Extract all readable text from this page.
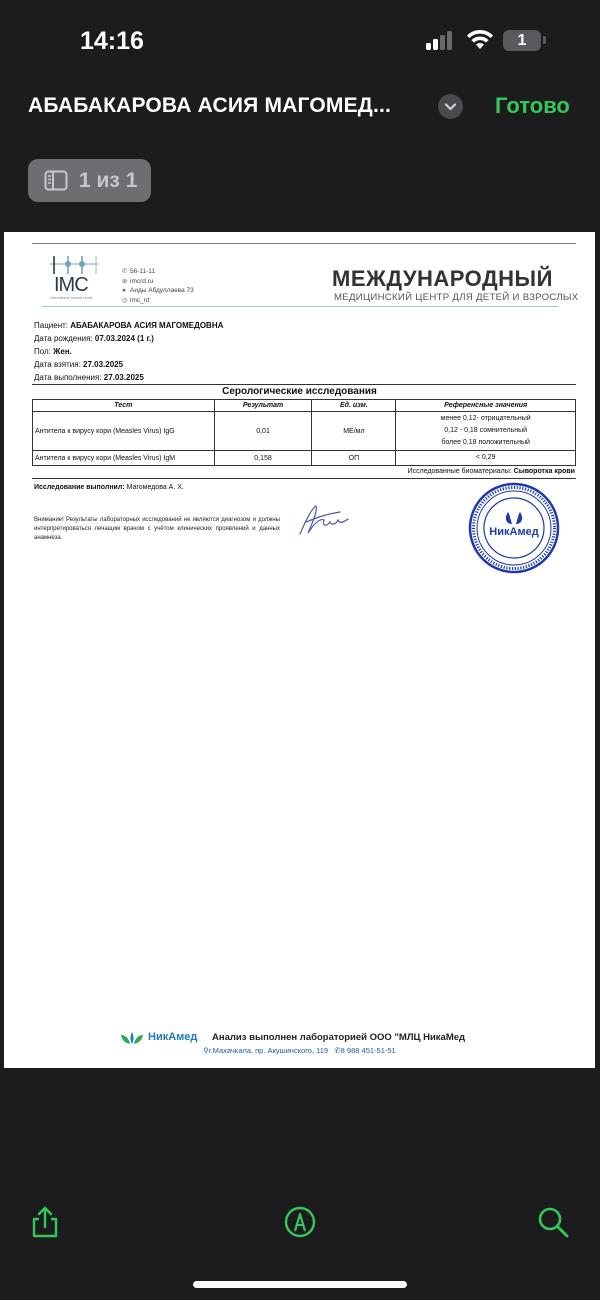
14:16	1
АБАБАКАРОВА АСИЯ МАГОМЕД...	Готово
1 из 1
IMC
international medical center
✆ 56-11-11
⊕ imcrd.ru
● Аиды Абдуллаева 73
◎ imc_rd
МЕЖДУНАРОДНЫЙ
МЕДИЦИНСКИЙ ЦЕНТР ДЛЯ ДЕТЕЙ И ВЗРОСЛЫХ
Пациент: АБАБАКАРОВА АСИЯ МАГОМЕДОВНА
Дата рождения: 07.03.2024 (1 г.)
Пол: Жен.
Дата взятия: 27.03.2025
Дата выполнения: 27.03.2025
Серологические исследования
Тест	Результат	Ед. изм.	Референсные значения
Антитела к вирусу кори (Measles Virus) IgG	0,01	МЕ/мл	менее 0,12- отрицательный
0,12 - 0,18 сомнительный
более 0,18 положительный

Антитела к вирусу кори (Measles Virus) IgM	0,158	ОП	< 0,29
Исследованные биоматериалы: Сыворотка крови
Исследование выполнил: Магомедова А. Х.
Внимание! Результаты лабораторных исследований не являются диагнозом и должны интерпретироваться лечащим врачом с учётом клинических проявлений и данных анамнеза.	НикАмед
НикАмед Анализ выполнен лабораторией ООО "МЛЦ НикаМед
⚲г.Махачкала, пр. Акушинского, 119 ✆8 988 451-51-51
